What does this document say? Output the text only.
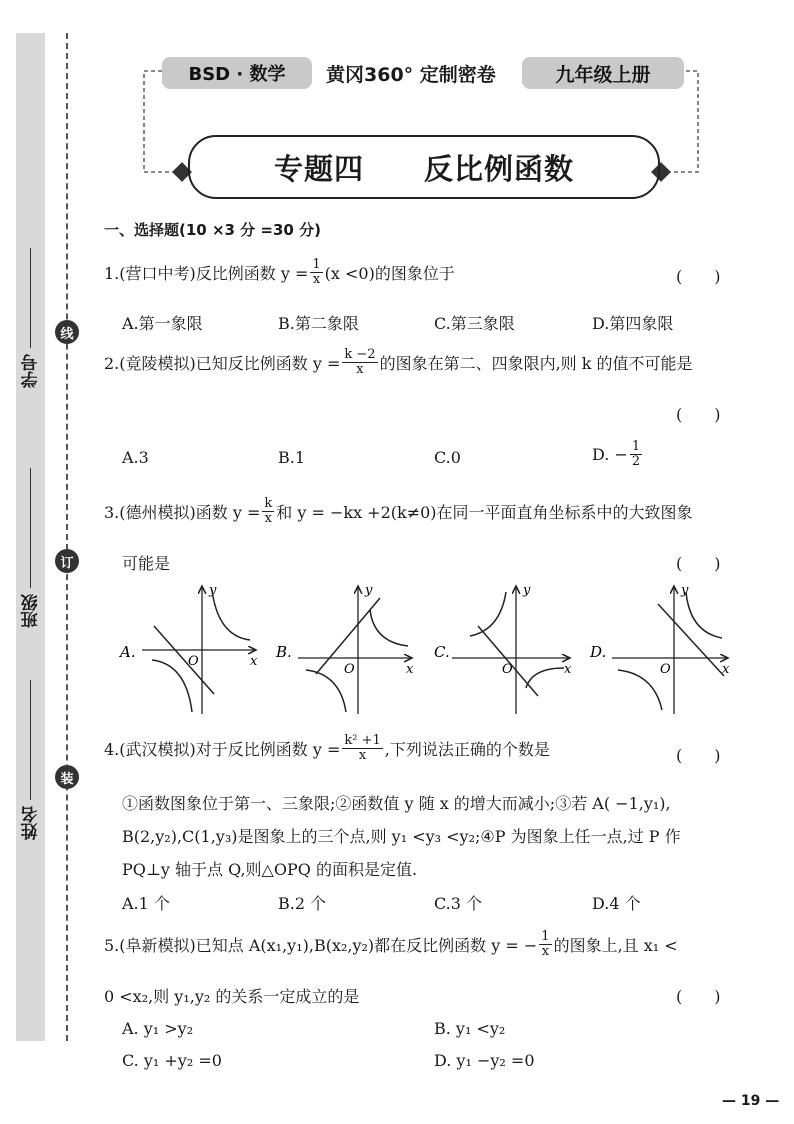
学号
班级
姓名
线
订
装
BSD · 数学	黄冈360° 定制密卷	九年级上册
专题四　　反比例函数
一、选择题(10 ×3 分 =30 分)
1.(营口中考)反比例函数 $y = \frac{1}{x} (x <0)$的图象位于	(　　)
A.第一象限	B.第二象限	C.第三象限	D.第四象限
2.(竟陵模拟)已知反比例函数 $y = \frac{k -2}{x}$ 的图象在第二、四象限内,则 k 的值不可能是
(　　)
A.3	B.1	C.0	D. − $\frac{1}{2}$
3.(德州模拟)函数 $y = \frac{k}{x}$ 和 y = −kx +2(k≠0)在同一平面直角坐标系中的大致图象
可能是	(　　)
A.
x
y
O
B.
x
y
O
C.
x
y
O
D.
x
y
O
4.(武汉模拟)对于反比例函数 $y = \frac{\text{k² +1}}{x}$ ,下列说法正确的个数是	(　　)
①函数图象位于第一、三象限;②函数值 y 随 x 的增大而减小;③若 A( −1,y₁),
B(2,y₂),C(1,y₃)是图象上的三个点,则 y₁ <y₃ <y₂;④P 为图象上任一点,过 P 作
PQ⊥y 轴于点 Q,则△OPQ 的面积是定值.
A.1 个	B.2 个	C.3 个	D.4 个
5.(阜新模拟)已知点 A(x₁,y₁),B(x₂,y₂)都在反比例函数 y = − $\frac{1}{x}$ 的图象上,且 x₁ <
0 <x₂,则 y₁,y₂ 的关系一定成立的是	(　　)
A. y₁ >y₂	B. y₁ <y₂
C. y₁ +y₂ =0	D. y₁ −y₂ =0
— 19 —
